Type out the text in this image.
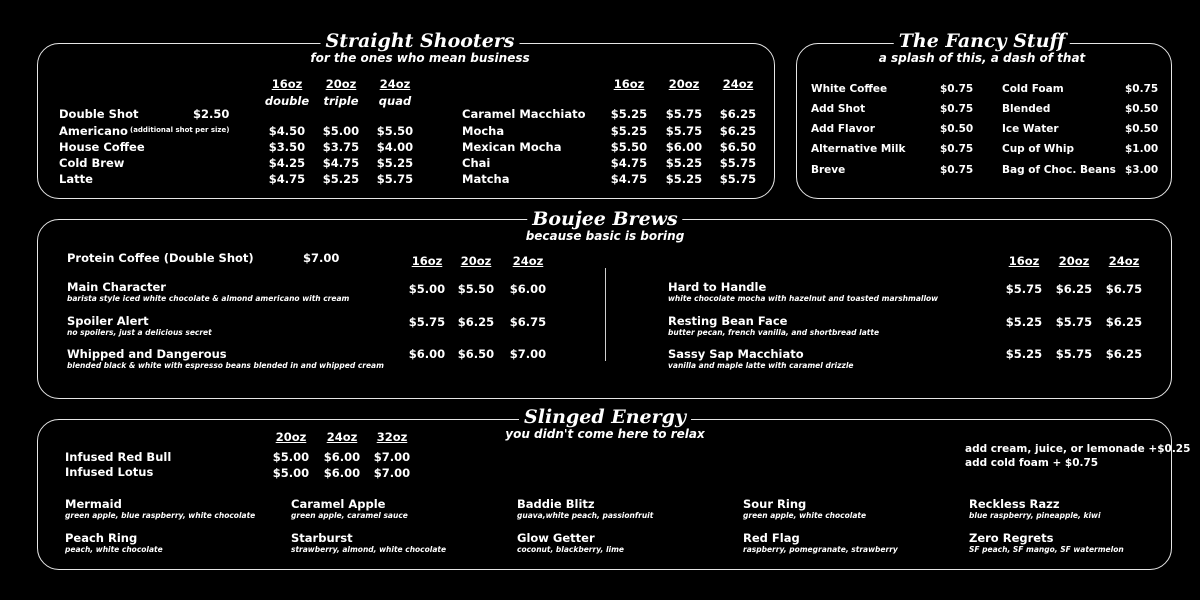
Straight Shooters
for the ones who mean business
16oz	20oz	24oz
double	triple	quad
Double Shot	$2.50
Americano (additional shot per size)	$4.50	$5.00	$5.50
House Coffee	$3.50	$3.75	$4.00
Cold Brew	$4.25	$4.75	$5.25
Latte	$4.75	$5.25	$5.75
16oz	20oz	24oz
Caramel Macchiato	$5.25	$5.75	$6.25
Mocha	$5.25	$5.75	$6.25
Mexican Mocha	$5.50	$6.00	$6.50
Chai	$4.75	$5.25	$5.75
Matcha	$4.75	$5.25	$5.75
The Fancy Stuff
a splash of this, a dash of that
White Coffee	$0.75
Add Shot	$0.75
Add Flavor	$0.50
Alternative Milk	$0.75
Breve	$0.75
Cold Foam	$0.75
Blended	$0.50
Ice Water	$0.50
Cup of Whip	$1.00
Bag of Choc. Beans $3.00
Boujee Brews
because basic is boring
Protein Coffee (Double Shot)	$7.00	16oz	20oz	24oz
Main Character
barista style iced white chocolate & almond americano with cream
$5.00	$5.50	$6.00
Spoiler Alert
no spoilers, just a delicious secret
$5.75	$6.25	$6.75
Whipped and Dangerous
blended black & white with espresso beans blended in and whipped cream
$6.00	$6.50	$7.00
16oz	20oz	24oz
Hard to Handle
white chocolate mocha with hazelnut and toasted marshmallow
$5.75	$6.25	$6.75
Resting Bean Face
butter pecan, french vanilla, and shortbread latte
$5.25	$5.75	$6.25
Sassy Sap Macchiato
vanilla and maple latte with caramel drizzle
$5.25	$5.75	$6.25
Slinged Energy
you didn't come here to relax
20oz	24oz	32oz
Infused Red Bull	$5.00	$6.00	$7.00
Infused Lotus	$5.00	$6.00	$7.00
add cream, juice, or lemonade +$0.25
add cold foam + $0.75
Mermaid
green apple, blue raspberry, white chocolate
Caramel Apple
green apple, caramel sauce
Baddie Blitz
guava,white peach, passionfruit
Sour Ring
green apple, white chocolate
Reckless Razz
blue raspberry, pineapple, kiwi
Peach Ring
peach, white chocolate
Starburst
strawberry, almond, white chocolate
Glow Getter
coconut, blackberry, lime
Red Flag
raspberry, pomegranate, strawberry
Zero Regrets
SF peach, SF mango, SF watermelon
